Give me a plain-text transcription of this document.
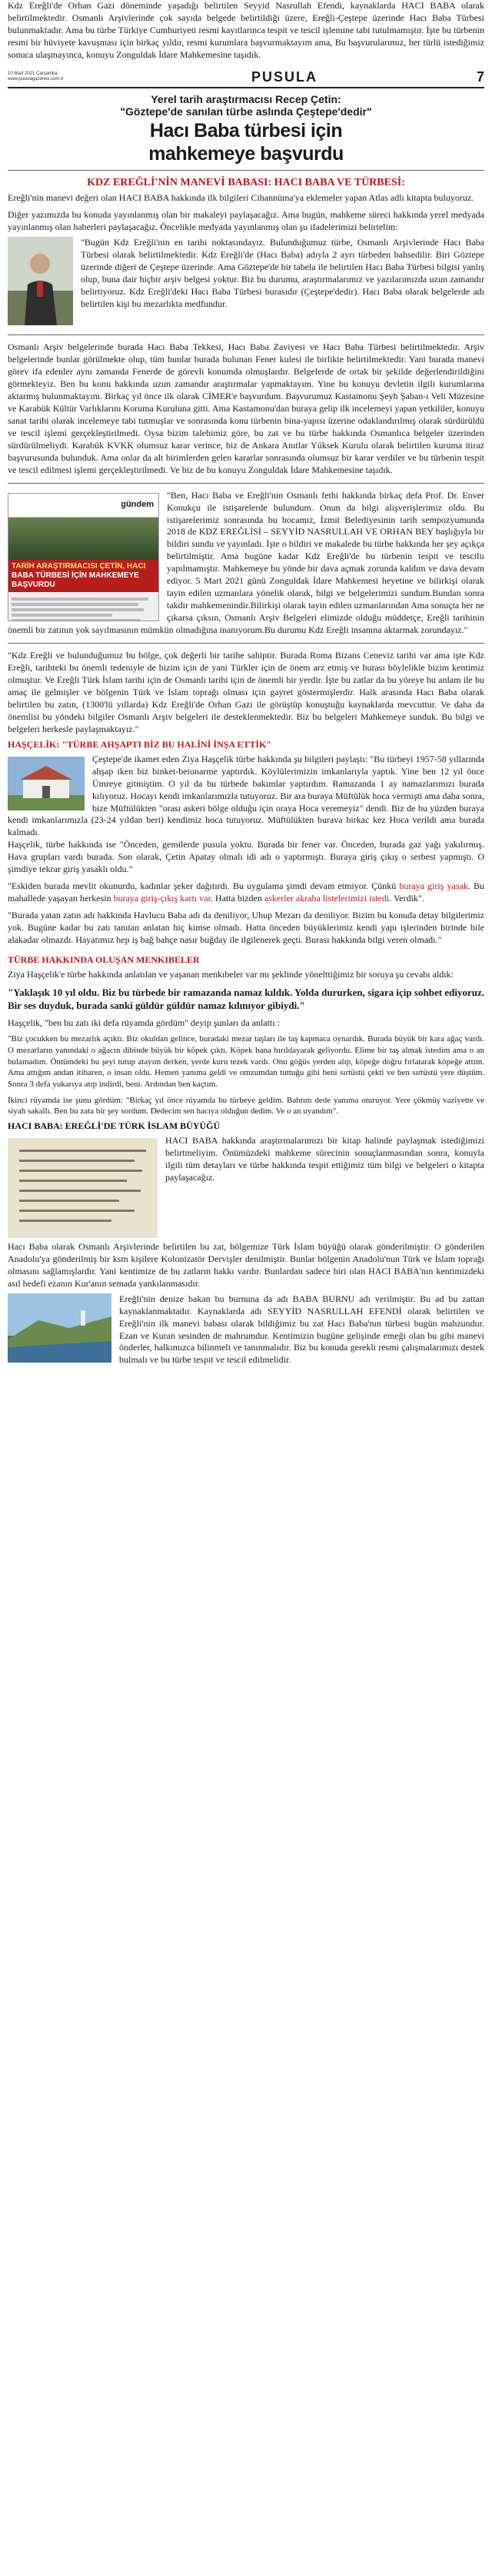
Kdz Ereğli'de Orhan Gazi döneminde yaşadığı belirtilen Seyyid Nasrullah Efendi, kaynaklarda HACI BABA olarak belirtilmektedir. Osmanlı Arşivlerinde çok sayıda belgede belirtildiği üzere, Ereğli-Çeştepe üzerinde Hacı Baba Türbesi bulunmaktadır. Ama bu türbe Türkiye Cumhuriyeti resmi kayıtlarınca tespit ve tescil işlemine tabi tutulmamıştır. İşte bu türbenin resmi bir hüviyete kavuşması için birkaç yıldır, resmi kurumlara başvurmaktayım ama, Bu başvurularımız, her türlü istediğimiz sonuca ulaşmayınca, konuyu Zonguldak İdare Mahkemesine taşıdık.

10 Mart 2021 Çarşamba
www.pusulagazetesi.com.tr	PUSULA	7
Yerel tarih araştırmacısı Recep Çetin:
"Göztepe'de sanılan türbe aslında Çeştepe'dedir"
Hacı Baba türbesi için
mahkemeye başvurdu
KDZ EREĞLİ'NİN MANEVİ BABASI: HACI BABA VE TÜRBESİ:

Ereğli'nin manevi değeri olan HACI BABA hakkında ilk bilgileri Cihannüma'ya eklemeler yapan Atlas adlı kitapta buluyoruz.

Diğer yazımızda bu konuda yayınlanmış olan bir makaleyi paylaşacağız. Ama bugün, mahkeme süreci hakkında yerel medyada yayınlanmış olan haberleri paylaşacağız. Öncelikle medyada yayınlanmış olan şu ifadelerimizi belirtelim:

"Bugün Kdz Ereğli'nin en tarihi noktasındayız. Bulunduğumuz türbe, Osmanlı Arşivlerinde Hacı Baba Türbesi olarak belirtilmektedir. Kdz Ereğli'de (Hacı Baba) adıyla 2 ayrı türbeden bahsedilir. Biri Göztepe üzerinde diğeri de Çeştepe üzerinde. Ama Göztepe'de bir tabela ile belirtilen Hacı Baba Türbesi bilgisi yanlış olup, buna dair hiçbir arşiv belgesi yoktur. Biz bu durumu, araştırmalarımız ve yazılarımızda uzun zamandır belirtiyoruz. Kdz Ereğli'deki Hacı Baba Türbesi burasıdır (Çeştepe'dedir). Hacı Baba olarak belgelerde adı belirtilen kişi bu mezarlıkta medfundur.

Osmanlı Arşiv belgelerinde burada Hacı Baba Tekkesi, Hacı Baba Zaviyesi ve Hacı Baba Türbesi belirtilmektedir. Arşiv belgelerinde bunlar görülmekte olup, tüm bunlar burada bulunan Fener kulesi ile birlikte belirtilmektedir. Yani burada manevi görev ifa edenler aynı zamanda Fenerde de görevli konumda olmuşlardır. Belgelerde de ortak bir şekilde değerlendirildiğini görmekteyiz. Ben bu konu hakkında uzun zamandır araştırmalar yapmaktayım. Yine bu konuyu devletin ilgili kurumlarına aktarmış bulunmaktayım. Birkaç yıl önce ilk olarak CİMER'e başvurdum. Başvurumuz Kastamonu Şeyh Şaban-ı Veli Müzesine ve Karabük Kültür Varlıklarını Koruma Kuruluna gitti. Ama Kastamonu'dan buraya gelip ilk incelemeyi yapan yetkililer, konuyu sanat tarihi olarak incelemeye tabi tutmuşlar ve sonrasında konu türbenin bina-yapısı üzerine odaklandırılmış olarak sürdürüldü ve tescil işlemi gerçekleştirilmedi. Oysa bizim talebimiz göre, bu zat ve bu türbe hakkında Osmanlıca belgeler üzerinden sürdürülmeliydi. Karabük KVKK olumsuz karar verince, biz de Ankara Anıtlar Yüksek Kurulu olarak belirtilen kuruma itiraz başvurusunda bulunduk. Ama onlar da alt birimlerden gelen kararlar sonrasında olumsuz bir karar verdiler ve bu türbenin tespit ve tescil edilmesi işlemi gerçekleştirilmedi. Ve biz de bu konuyu Zonguldak İdare Mahkemesine taşıdık.

gündem
TARİH ARAŞTIRMACISI ÇETİN, HACI
BABA TÜRBESİ İÇİN MAHKEMEYE BAŞVURDU

"Ben, Hacı Baba ve Ereğli'nin Osmanlı fethi hakkında birkaç defa Prof. Dr. Enver Konukçu ile istişarelerde bulundum. Onun da bilgi alışverişlerimiz oldu. Bu istişarelerimiz sonrasında bu hocamız, İzmit Belediyesinin tarih sempozyumunda 2018 de KDZ EREĞLİSİ – SEYYİD NASRULLAH VE ORHAN BEY başlığıyla bir bildiri sundu ve yayınladı. İşte o bildiri ve makalede bu türbe hakkında her şey açıkça belirtilmiştir. Ama bugüne kadar Kdz Ereğli'de bu türbenin tespit ve tesciliı yapılmamıştır. Mahkemeye bu yönde bir dava açmak zorunda kaldım ve dava devam ediyor. 5 Mart 2021 günü Zonguldak İdare Mahkemesi heyetine ve bilirkişi olarak tayin edilen uzmanlara yönelik olarak, bilgi ve belgelerimizi sundum.Bundan sonra takdir mahkemenindir.Bilirkişi olarak tayin edilen uzmanlarından Ama sonuçta her ne çıkarsa çıksın, Osmanlı Arşiv Belgeleri elimizde olduğu müddetçe, Ereğli tarihinin önemli bir zatının yok sayılmasının mümkün olmadığına inanıyorum.Bu durumu Kdz Ereğli insanına aktarmak zorundayız."

"Kdz Ereğli ve bulunduğumuz bu bölge, çok değerli bir tarihe sahiptir. Burada Roma Bizans Ceneviz tarihi var ama işte Kdz Ereğli, tarihteki bu önemli tedeniyle de bizim için de yani Türkler için de önem arz etmiş ve burası böylelikle bizim kentimiz olmuştur. Ve Ereğli Türk İslam tarihi için de Osmanlı tarihi için de önemli bir yerdir. İşte bu zatlar da bu yöreye bu anlam ile bu amaç ile gelmişler ve bölgenin Türk ve İslam toprağı olması için gayret göstermişlerdir. Halk arasında Hacı Baba olarak belirtilen bu zatın, (1300'lü yıllarda) Kdz Ereğli'de Orhan Gazi ile görüştüp konuştuğu kaynaklarda mevcuttur. Ve daha da önemlisi bu yöndeki bilgiler Osmanlı Arşiv belgeleri ile desteklenmektedir. Biz bu belgeleri Mahkemeye sunduk. Bu bilgi ve belgeleri herkesle paylaşmaktayız."

HAŞÇELİK: "TÜRBE AHŞAPTI BİZ BU HALİNİ İNŞA ETTİK"

Çeştepe'de ikamet eden Ziya Haşçelik türbe hakkında şu bilgileri paylaştı: "Bu türbeyi 1957-58 yıllarında ahşap iken biz binket-betonarme yaptırdık. Köylülerimizin imkanlarıyla yaptık. Yine ben 12 yıl önce Ümreye gitmiştim. O yıl da bu türbede bakımlar yaptırdım. Ramazanda 1 ay namazlarımızı burada kılıyoruz. Hocayı kendi imkanlarımızla tutuyoruz. Bir ara buraya Müftülük hoca vermişti ama daha sonra, bize Müftülükten "orası askeri bölge olduğu için oraya Hoca veremeyiz" dendi. Biz de bu yüzden buraya kendi imkanlarımızla (23-24 yıldan beri) kendimiz hoca tutuyoruz. Müftülükten burava birkac kez Hoca verildi ama burada kalmadı.

Haşçelik, türbe hakkında ise "Önceden, gemilerde pusula yoktu. Burada bir fener var. Önceden, burada gaz yağı yakılırmış. Hava grupları vardı burada. Son olarak, Çetin Apatay olmalı idi adı o yaptırmıştı. Buraya giriş çıkış o serbest yapmıştı. O şimdiye tekrar giriş yasaklı oldu."

"Eskiden burada mevlit okunurdu, kadınlar şeker dağıtırdı. Bu uygulama şimdi devam etmiyor. Çünkü buraya giriş yasak. Bu mahallede yaşayan herkesin buraya giriş-çıkış kartı var. Hatta bizden askerler akraba listelerimizi istedi. Verdik".

"Burada yatan zatın adı hakkında Havlucu Baba adı da deniliyor, Uhup Mezarı da deniliyor. Bizim bu konuda detay bilgilerimiz yok. Bugüne kadar bu zatı tanıtan anlatan hiç kimse olmadı. Hatta önceden büyüklerimiz kendi yapı işlerinden birinde bile alakadar olmazdı. Hayatımız hep iş bağ bahçe nasır buğday ile ilgilenerek geçti. Burası hakkında bilgi veren olmadı."

TÜRBE HAKKINDA OLUŞAN MENKIBELER

Ziya Haşçelik'e türbe hakkında anlatılan ve yaşanan menkıbeler var mı şeklinde yönelttiğimiz bir soruya şu cevabı aldık:

"Yaklaşık 10 yıl oldu. Biz bu türbede bir ramazanda namaz kıldık. Yolda dururken, sigara içip sohbet ediyoruz. Bir ses duyduk, burada sanki güldür güldür namaz kılınıyor gibiydi."

Haşçelik, "ben bu zatı iki defa rüyamda gördüm" deyip şunları da anlattı :

"Biz çocukken bu mezarlık açıktı. Biz okuldan gelince, buradaki mezar taşları ile taş kapmaca oynardık. Burada büyük bir kara ağaç vardı. O mezarların yanındaki o ağacın dibinde büyük bir köpek çıktı. Köpek bana hırıldayarak geliyordu. Elime bir taş almak istedim ama o an bulamadım. Öntümdeki bu şeyi tutup atayım derken, yerde kuru tezek vardı. Onu göğüs yerden alıp, köpeğe doğru fırlatarak köpeğe attım. Ama attığım andan itibaren, o insan oldu. Hemen yanıma geldi ve omzumdan tuttuğu gibi beni sırtüstü çekti ve ben sırtüstü yere düştüm. Sonra 3 defa yukarıya atıp indirdi, beni. Ardından ben kaçtım.

İkinci rüyamda ise şunu gördüm: "Birkaç yıl önce rüyamda bu türbeye geldim. Bahtım dede yanıma oturuyor. Yere çökmüş vaziyette ve siyah sakallı. Ben bu zata bir şey sordum. Dedecim sen hacıya olduğun dedim. Ve o an uyandım".

HACI BABA: EREĞLİ'DE TÜRK İSLAM BÜYÜĞÜ

HACI BABA hakkında araştırmalarımızı bir kitap halinde paylaşmak istediğimizi belirtmeliyim. Önümüzdeki mahkeme sürecinin sonuçlanmasından sonra, konuyla ilgili tüm detayları ve türbe hakkında tespit ettiğimiz tüm bilgi ve belgeleri o kitapta paylaşacağız.

Hacı Baba olarak Osmanlı Arşivlerinde belirtilen bu zat, bölgemize Türk İslam büyüğü olarak gönderilmiştir. O gönderilen Anadolu'ya gönderilmiş bir ksm kişilere Kolonizatör Dervişler denilmiştir. Bunlar bölgenin Anadolu'nun Türk ve İslam toprağı olmasını sağlamışlardır. Yani kentimize de bu zatların hakkı vardır. Bunlardan sadece biri olan HACI BABA'nın kentimizdeki asıl hedefi ezanın Kur'anın semada yankılanmasıdır.

Ereğli'nin denize bakan bu burnuna da adı BABA BURNU adı verilmiştir. Bu ad bu zattan kaynaklanmaktadır. Kaynaklarda adı SEYYİD NASRULLAH EFENDİ olarak belirtilen ve Ereğli'nin ilk manevi babası olarak bildiğimiz bu zat Hacı Baba'nın türbesi bugün mahzundur. Ezan ve Kuran sesinden de mahrumdur. Kentimizin bugüne gelişinde emeği olan bu gibi manevi önderler, halkımızca bilinmeli ve tanınmalıdır. Biz bu konuda gerekli resmi çalışmalarımızı destek bulmalı ve bu türbe tespit ve tescil edilmelidir.
